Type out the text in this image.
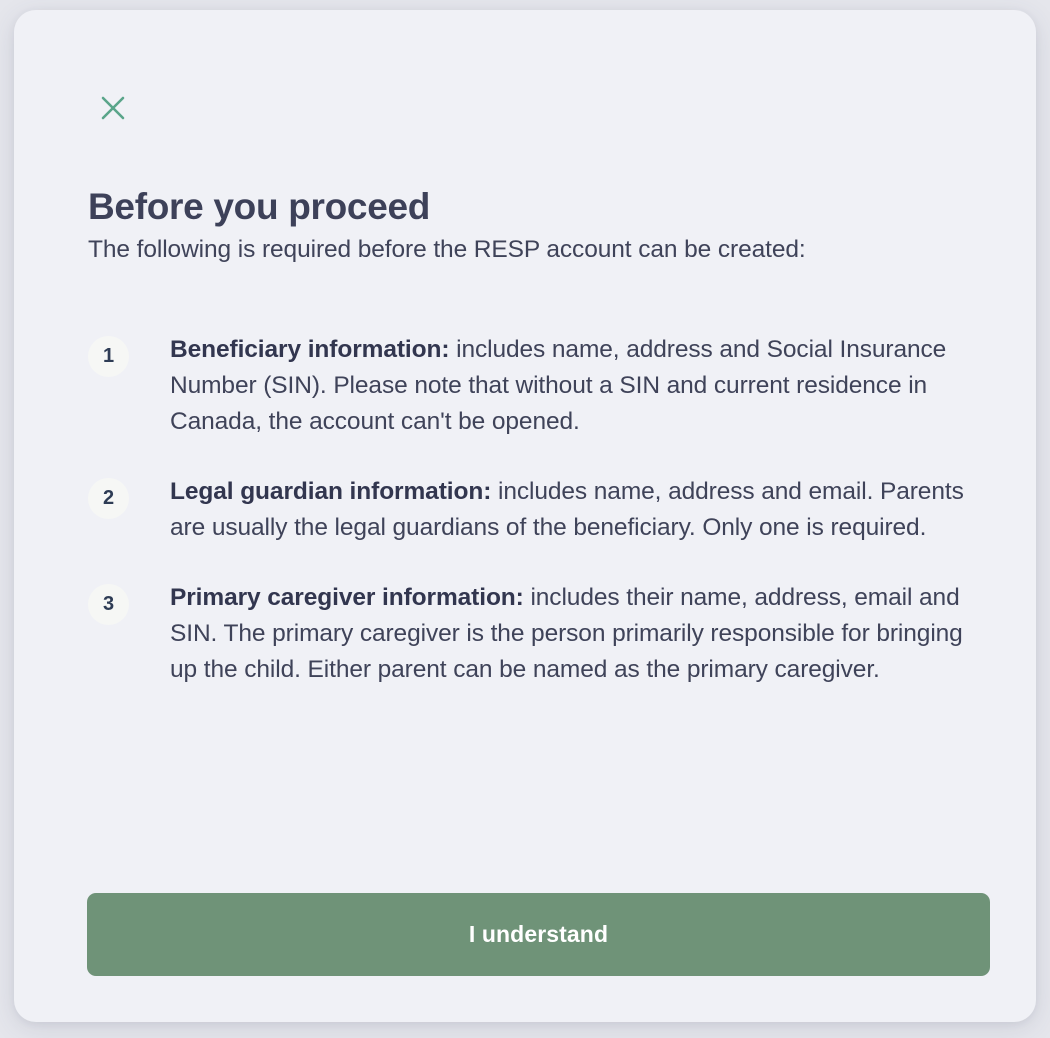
Before you proceed

The following is required before the RESP account can be created:

1	Beneficiary information: includes name, address and Social Insurance Number (SIN). Please note that without a SIN and current residence in Canada, the account can't be opened.

2	Legal guardian information: includes name, address and email. Parents are usually the legal guardians of the beneficiary. Only one is required.

3	Primary caregiver information: includes their name, address, email and SIN. The primary caregiver is the person primarily responsible for bringing up the child. Either parent can be named as the primary caregiver.

I understand
